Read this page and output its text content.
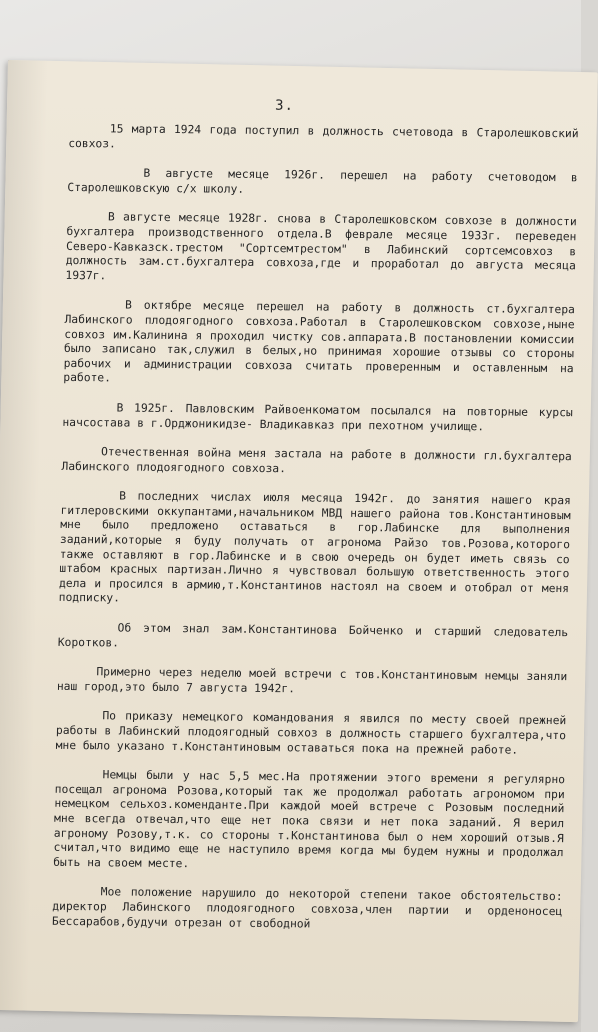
3.

15 марта 1924 года поступил в должность счетовода в Старолешковский совхоз.

В августе месяце 1926г. перешел на работу счетоводом в Старолешковскую с/х школу.

В августе месяце 1928г. снова в Старолешковском совхозе в должности бухгалтера производственного отдела.В феврале месяце 1933г. переведен Северо-Кавказск.трестом "Сортсемтрестом" в Лабинский сортсемсовхоз в должность зам.ст.бухгалтера совхоза,где и проработал до августа месяца 1937г.

В октябре месяце перешел на работу в должность ст.бухгалтера Лабинского плодоягодного совхоза.Работал в Старолешковском совхозе,ныне совхоз им.Калинина я проходил чистку сов.аппарата.В постановлении комиссии было записано так,служил в белых,но принимая хорошие отзывы со стороны рабочих и администрации совхоза считать проверенным и оставленным на работе.

В 1925г. Павловским Райвоенкоматом посылался на повторные курсы начсостава в г.Орджоникидзе- Владикавказ при пехотном училище.

Отечественная война меня застала на работе в должности гл.бухгалтера Лабинского плодоягодного совхоза.

В последних числах июля месяца 1942г. до занятия нашего края гитлеровскими оккупантами,начальником МВД нашего района тов.Константиновым мне было предложено оставаться в гор.Лабинске для выполнения заданий,которые я буду получать от агронома Райзо тов.Розова,которого также оставляют в гор.Лабинске и в свою очередь он будет иметь связь со штабом красных партизан.Лично я чувствовал большую ответственность этого дела и просился в армию,т.Константинов настоял на своем и отобрал от меня подписку.

Об этом знал зам.Константинова Бойченко и старший следователь Коротков.

Примерно через неделю моей встречи с тов.Константиновым немцы заняли наш город,это было 7 августа 1942г.

По приказу немецкого командования я явился по месту своей прежней работы в Лабинский плодоягодный совхоз в должность старшего бухгалтера,что мне было указано т.Константиновым оставаться пока на прежней работе.

Немцы были у нас 5,5 мес.На протяжении этого времени я регулярно посещал агронома Розова,который так же продолжал работать агрономом при немецком сельхоз.коменданте.При каждой моей встрече с Розовым последний мне всегда отвечал,что еще нет пока связи и нет пока заданий. Я верил агроному Розову,т.к. со стороны т.Константинова был о нем хороший отзыв.Я считал,что видимо еще не наступило время когда мы будем нужны и продолжал быть на своем месте.

Мое положение нарушило до некоторой степени такое обстоятельство: директор Лабинского плодоягодного совхоза,член партии и орденоносец Бессарабов,будучи отрезан от свободной
